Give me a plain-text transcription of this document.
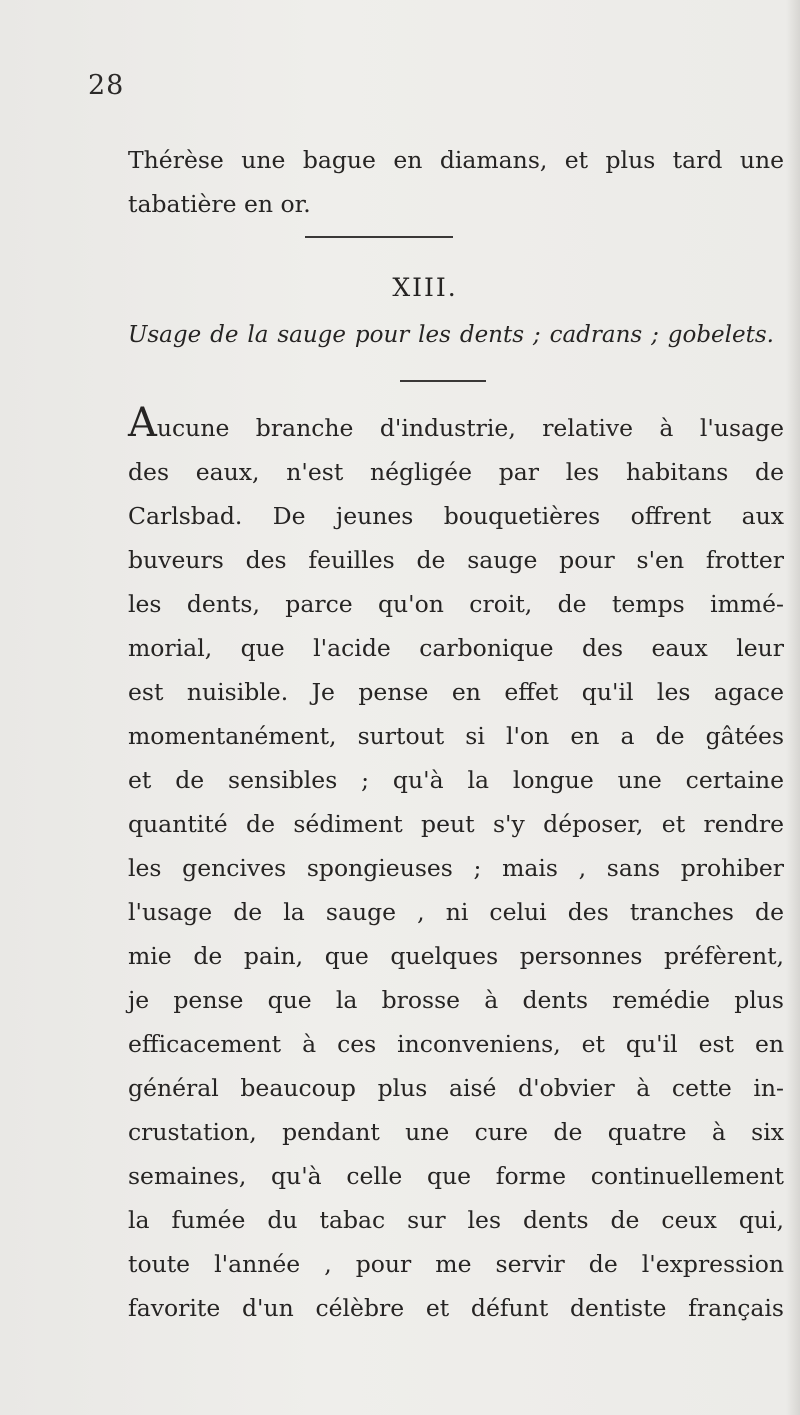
28
Thérèse une bague en diamans, et plus tard une
tabatière en or.
XIII.
Usage de la sauge pour les dents ; cadrans ; gobelets.
Aucune branche d'industrie, relative à l'usage
des eaux, n'est négligée par les habitans de
Carlsbad. De jeunes bouquetières offrent aux
buveurs des feuilles de sauge pour s'en frotter
les dents, parce qu'on croit, de temps immé-
morial, que l'acide carbonique des eaux leur
est nuisible. Je pense en effet qu'il les agace
momentanément, surtout si l'on en a de gâtées
et de sensibles ; qu'à la longue une certaine
quantité de sédiment peut s'y déposer, et rendre
les gencives spongieuses ; mais , sans prohiber
l'usage de la sauge , ni celui des tranches de
mie de pain, que quelques personnes préfèrent,
je pense que la brosse à dents remédie plus
efficacement à ces inconveniens, et qu'il est en
général beaucoup plus aisé d'obvier à cette in-
crustation, pendant une cure de quatre à six
semaines, qu'à celle que forme continuellement
la fumée du tabac sur les dents de ceux qui,
toute l'année , pour me servir de l'expression
favorite d'un célèbre et défunt dentiste français
